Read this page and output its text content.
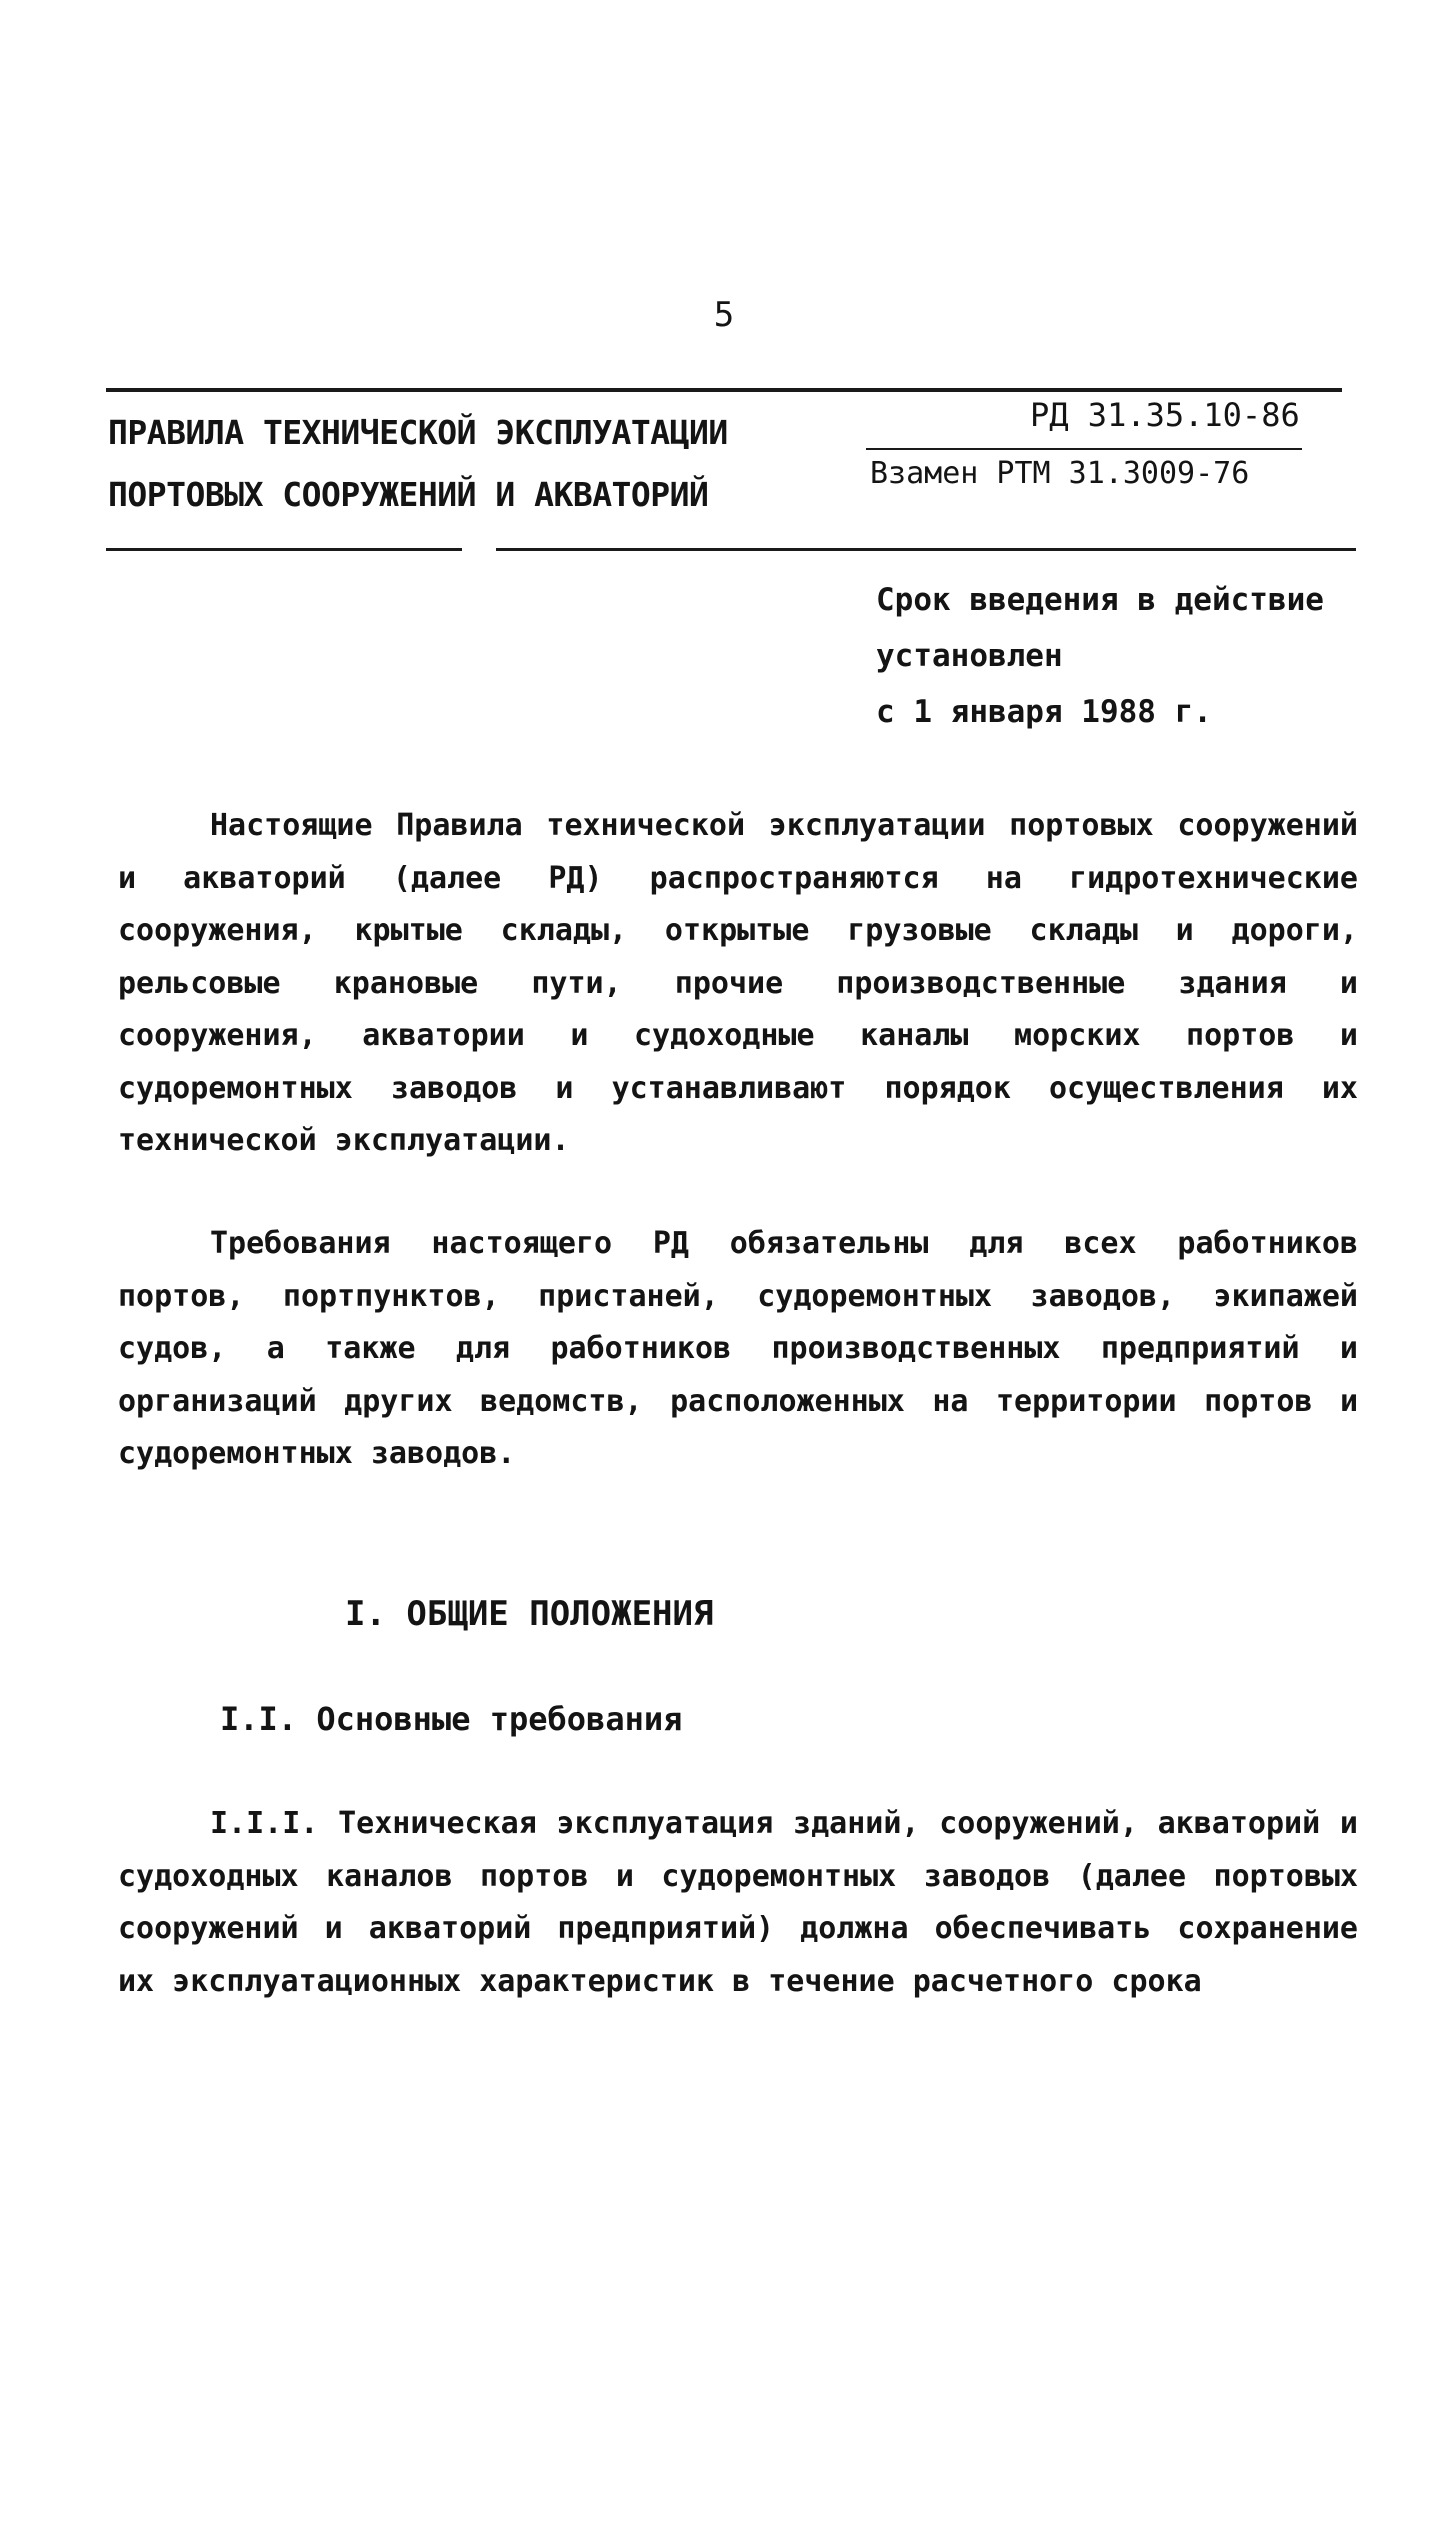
5
ПРАВИЛА ТЕХНИЧЕСКОЙ ЭКСПЛУАТАЦИИ
ПОРТОВЫХ СООРУЖЕНИЙ И АКВАТОРИЙ
РД 31.35.10-86
Взамен РТМ 31.3009-76
Срок введения в действие
установлен
с 1 января 1988 г.
Настоящие Правила технической эксплуатации портовых сооружений и акваторий (далее РД) распространяются на гидротехнические сооружения, крытые склады, открытые грузовые склады и дороги, рельсовые крановые пути, прочие производственные здания и сооружения, акватории и судоходные каналы морских портов и судоремонтных заводов и устанавливают порядок осуществления их технической эксплуатации.
Требования настоящего РД обязательны для всех работников портов, портпунктов, пристаней, судоремонтных заводов, экипажей судов, а также для работников производственных предприятий и организаций других ведомств, расположенных на территории портов и судоремонтных заводов.
I. ОБЩИЕ ПОЛОЖЕНИЯ
I.I. Основные требования
I.I.I. Техническая эксплуатация зданий, сооружений, акваторий и судоходных каналов портов и судоремонтных заводов (далее портовых сооружений и акваторий предприятий) должна обеспечивать сохранение их эксплуатационных характеристик в течение расчетного срока
